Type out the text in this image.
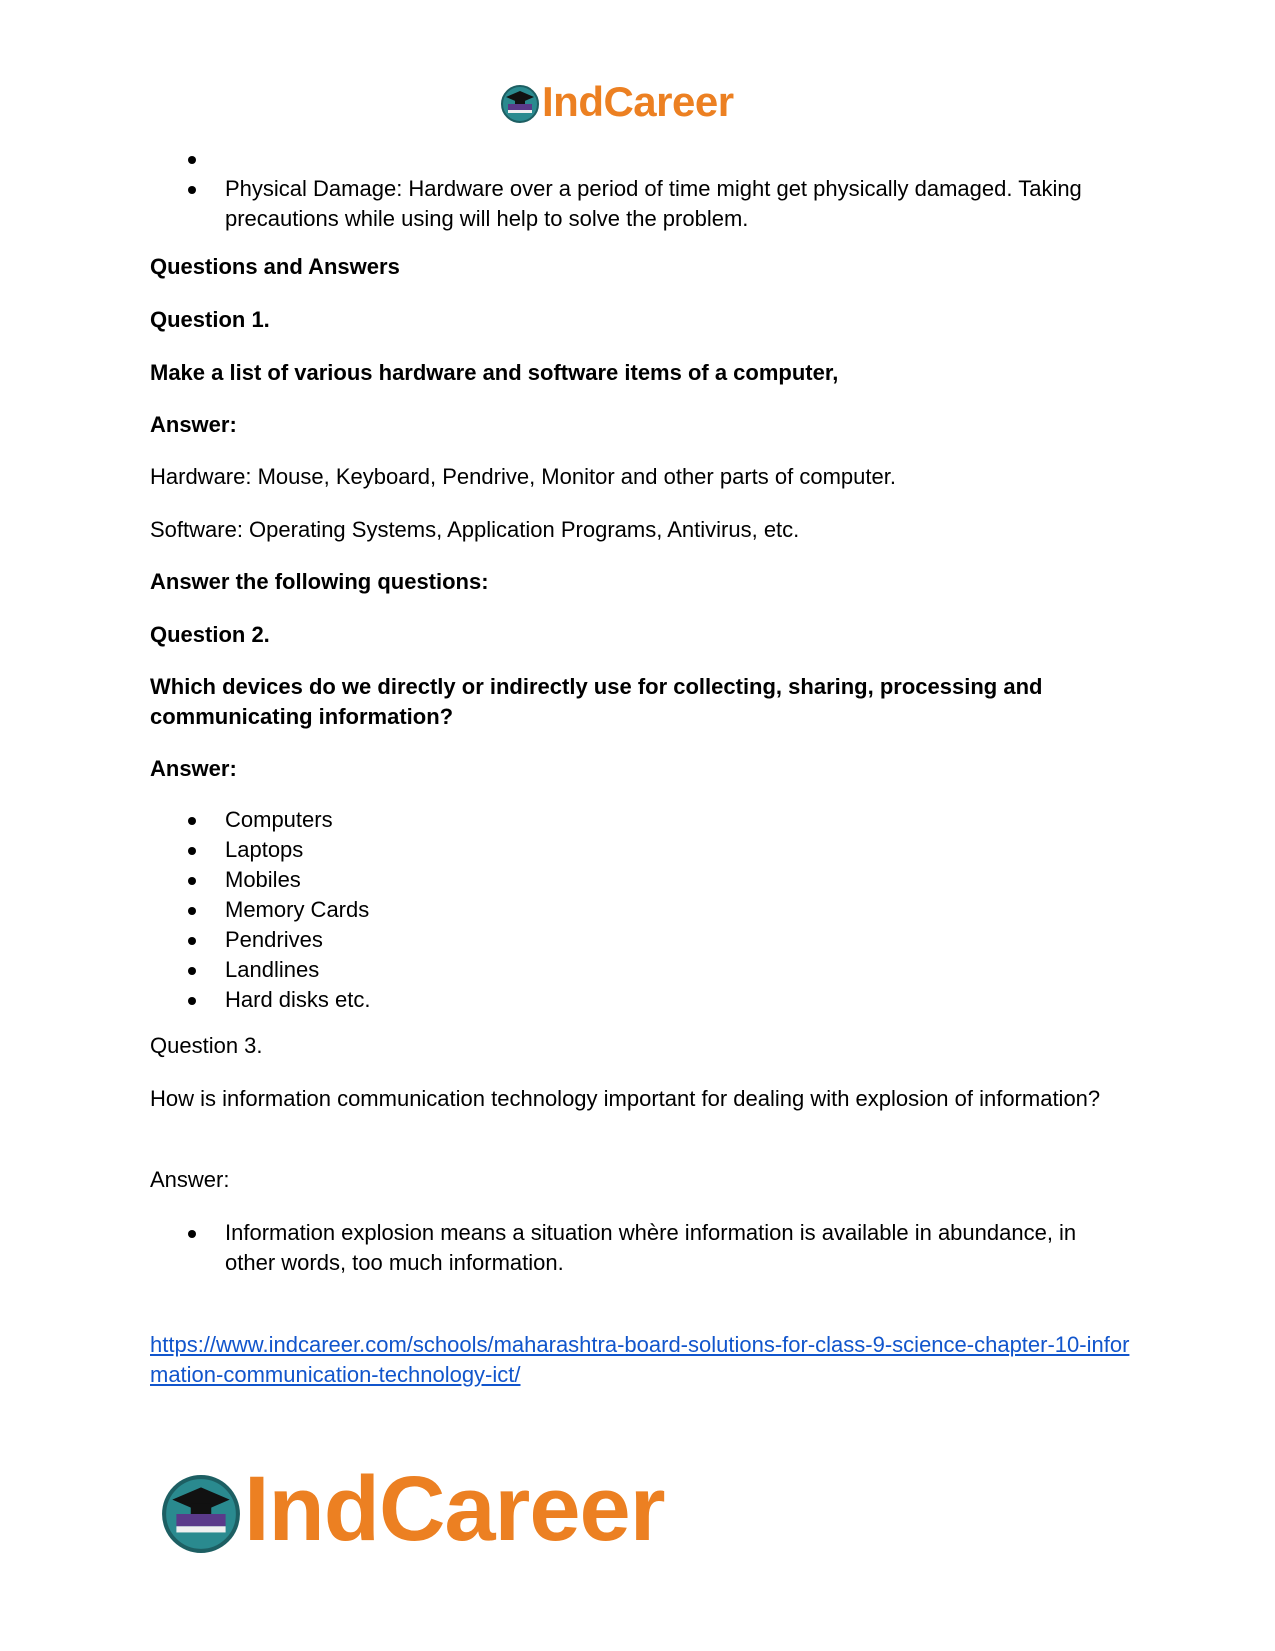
IndCareer
Physical Damage: Hardware over a period of time might get physically damaged. Taking precautions while using will help to solve the problem.

Questions and Answers

Question 1.

Make a list of various hardware and software items of a computer,

Answer:

Hardware: Mouse, Keyboard, Pendrive, Monitor and other parts of computer.

Software: Operating Systems, Application Programs, Antivirus, etc.

Answer the following questions:

Question 2.

Which devices do we directly or indirectly use for collecting, sharing, processing and communicating information?

Answer:

Computers
Laptops
Mobiles
Memory Cards
Pendrives
Landlines
Hard disks etc.

Question 3.

How is information communication technology important for dealing with explosion of information?

Answer:

Information explosion means a situation whère information is available in abundance, in other words, too much information.

https://www.indcareer.com/schools/maharashtra-board-solutions-for-class-9-science-chapter-10-information-communication-technology-ict/

IndCareer
